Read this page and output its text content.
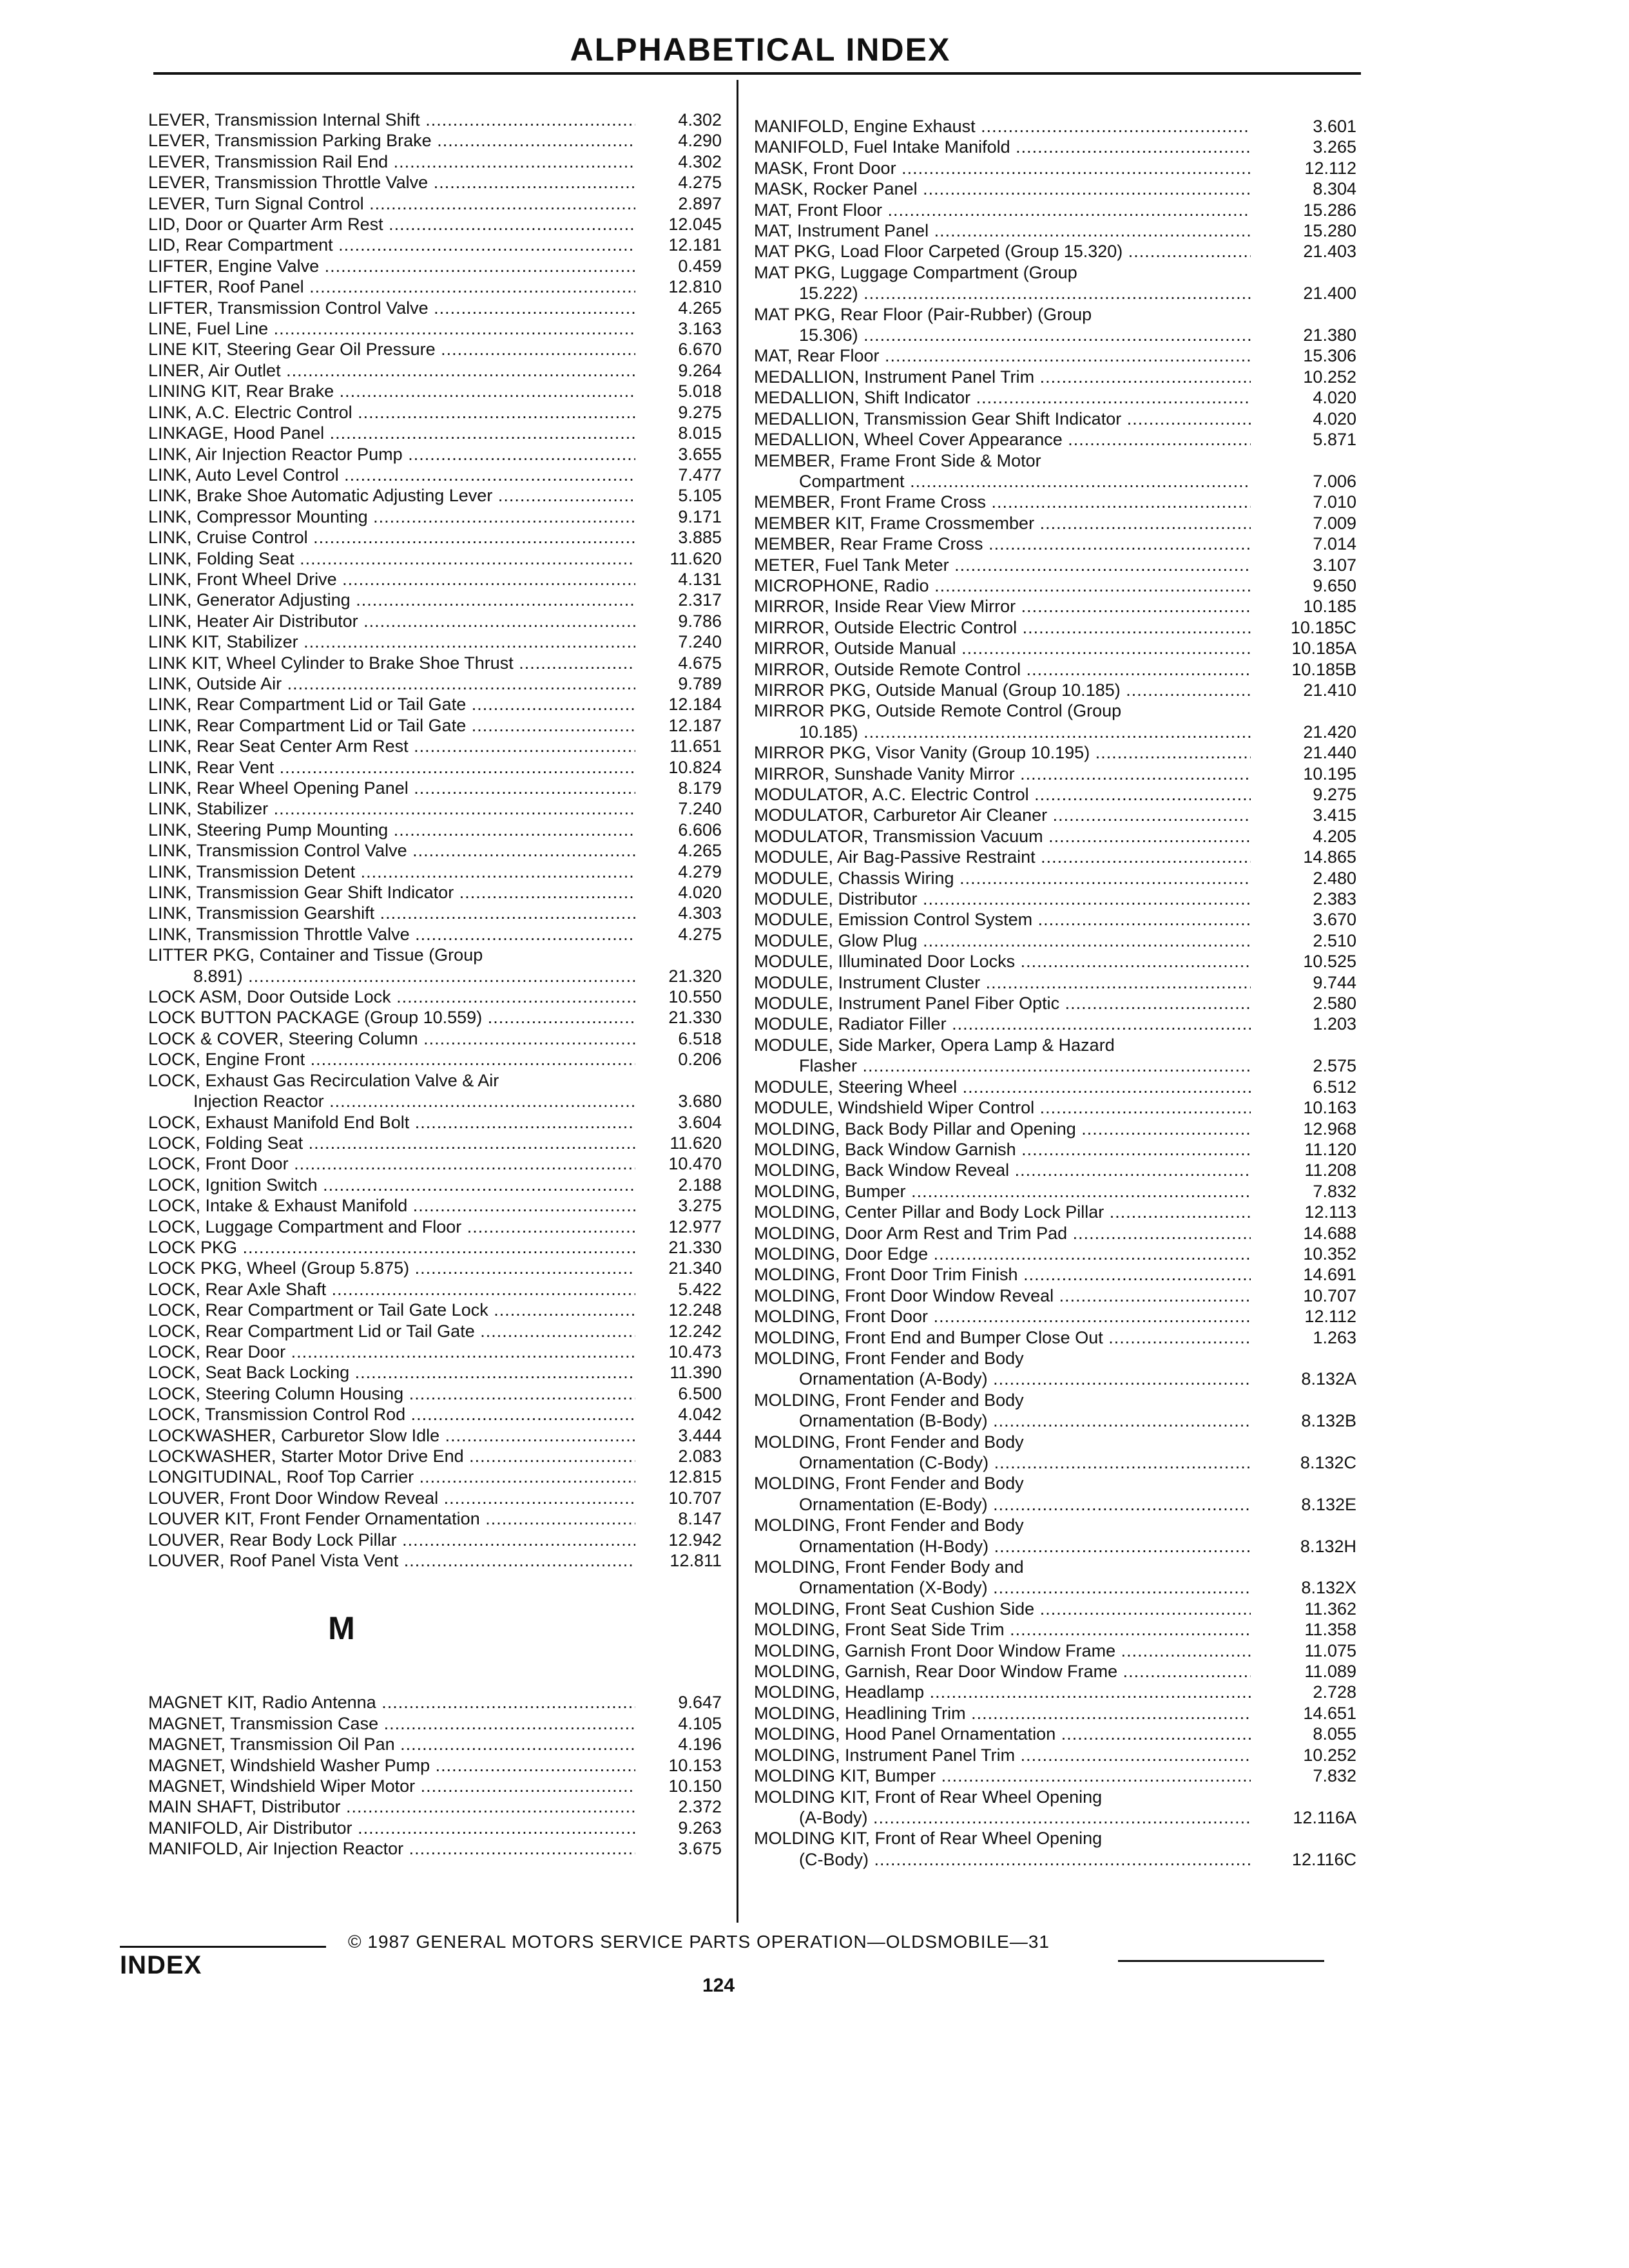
ALPHABETICAL INDEX
LEVER, Transmission Internal Shift .....	4.302
LEVER, Transmission Parking Brake .....	4.290
LEVER, Transmission Rail End .....	4.302
LEVER, Transmission Throttle Valve .....	4.275
LEVER, Turn Signal Control .....	2.897
LID, Door or Quarter Arm Rest .....	12.045
LID, Rear Compartment .....	12.181
LIFTER, Engine Valve .....	0.459
LIFTER, Roof Panel .....	12.810
LIFTER, Transmission Control Valve .....	4.265
LINE, Fuel Line .....	3.163
LINE KIT, Steering Gear Oil Pressure .....	6.670
LINER, Air Outlet .....	9.264
LINING KIT, Rear Brake .....	5.018
LINK, A.C. Electric Control .....	9.275
LINKAGE, Hood Panel .....	8.015
LINK, Air Injection Reactor Pump .....	3.655
LINK, Auto Level Control .....	7.477
LINK, Brake Shoe Automatic Adjusting Lever .....	5.105
LINK, Compressor Mounting .....	9.171
LINK, Cruise Control .....	3.885
LINK, Folding Seat .....	11.620
LINK, Front Wheel Drive .....	4.131
LINK, Generator Adjusting .....	2.317
LINK, Heater Air Distributor .....	9.786
LINK KIT, Stabilizer .....	7.240
LINK KIT, Wheel Cylinder to Brake Shoe Thrust .....	4.675
LINK, Outside Air .....	9.789
LINK, Rear Compartment Lid or Tail Gate .....	12.184
LINK, Rear Compartment Lid or Tail Gate .....	12.187
LINK, Rear Seat Center Arm Rest .....	11.651
LINK, Rear Vent .....	10.824
LINK, Rear Wheel Opening Panel .....	8.179
LINK, Stabilizer .....	7.240
LINK, Steering Pump Mounting .....	6.606
LINK, Transmission Control Valve .....	4.265
LINK, Transmission Detent .....	4.279
LINK, Transmission Gear Shift Indicator .....	4.020
LINK, Transmission Gearshift .....	4.303
LINK, Transmission Throttle Valve .....	4.275
LITTER PKG, Container and Tissue (Group
8.891) .....	21.320
LOCK ASM, Door Outside Lock .....	10.550
LOCK BUTTON PACKAGE (Group 10.559) .....	21.330
LOCK & COVER, Steering Column .....	6.518
LOCK, Engine Front .....	0.206
LOCK, Exhaust Gas Recirculation Valve & Air
Injection Reactor .....	3.680
LOCK, Exhaust Manifold End Bolt .....	3.604
LOCK, Folding Seat .....	11.620
LOCK, Front Door .....	10.470
LOCK, Ignition Switch .....	2.188
LOCK, Intake & Exhaust Manifold .....	3.275
LOCK, Luggage Compartment and Floor .....	12.977
LOCK PKG .....	21.330
LOCK PKG, Wheel (Group 5.875) .....	21.340
LOCK, Rear Axle Shaft .....	5.422
LOCK, Rear Compartment or Tail Gate Lock .....	12.248
LOCK, Rear Compartment Lid or Tail Gate .....	12.242
LOCK, Rear Door .....	10.473
LOCK, Seat Back Locking .....	11.390
LOCK, Steering Column Housing .....	6.500
LOCK, Transmission Control Rod .....	4.042
LOCKWASHER, Carburetor Slow Idle .....	3.444
LOCKWASHER, Starter Motor Drive End .....	2.083
LONGITUDINAL, Roof Top Carrier .....	12.815
LOUVER, Front Door Window Reveal .....	10.707
LOUVER KIT, Front Fender Ornamentation .....	8.147
LOUVER, Rear Body Lock Pillar .....	12.942
LOUVER, Roof Panel Vista Vent .....	12.811
M
MAGNET KIT, Radio Antenna .....	9.647
MAGNET, Transmission Case .....	4.105
MAGNET, Transmission Oil Pan .....	4.196
MAGNET, Windshield Washer Pump .....	10.153
MAGNET, Windshield Wiper Motor .....	10.150
MAIN SHAFT, Distributor .....	2.372
MANIFOLD, Air Distributor .....	9.263
MANIFOLD, Air Injection Reactor .....	3.675
MANIFOLD, Engine Exhaust .....	3.601
MANIFOLD, Fuel Intake Manifold .....	3.265
MASK, Front Door .....	12.112
MASK, Rocker Panel .....	8.304
MAT, Front Floor .....	15.286
MAT, Instrument Panel .....	15.280
MAT PKG, Load Floor Carpeted (Group 15.320) .....	21.403
MAT PKG, Luggage Compartment (Group
15.222) .....	21.400
MAT PKG, Rear Floor (Pair-Rubber) (Group
15.306) .....	21.380
MAT, Rear Floor .....	15.306
MEDALLION, Instrument Panel Trim .....	10.252
MEDALLION, Shift Indicator .....	4.020
MEDALLION, Transmission Gear Shift Indicator .....	4.020
MEDALLION, Wheel Cover Appearance .....	5.871
MEMBER, Frame Front Side & Motor
Compartment .....	7.006
MEMBER, Front Frame Cross .....	7.010
MEMBER KIT, Frame Crossmember .....	7.009
MEMBER, Rear Frame Cross .....	7.014
METER, Fuel Tank Meter .....	3.107
MICROPHONE, Radio .....	9.650
MIRROR, Inside Rear View Mirror .....	10.185
MIRROR, Outside Electric Control .....	10.185C
MIRROR, Outside Manual .....	10.185A
MIRROR, Outside Remote Control .....	10.185B
MIRROR PKG, Outside Manual (Group 10.185) .....	21.410
MIRROR PKG, Outside Remote Control (Group
10.185) .....	21.420
MIRROR PKG, Visor Vanity (Group 10.195) .....	21.440
MIRROR, Sunshade Vanity Mirror .....	10.195
MODULATOR, A.C. Electric Control .....	9.275
MODULATOR, Carburetor Air Cleaner .....	3.415
MODULATOR, Transmission Vacuum .....	4.205
MODULE, Air Bag-Passive Restraint .....	14.865
MODULE, Chassis Wiring .....	2.480
MODULE, Distributor .....	2.383
MODULE, Emission Control System .....	3.670
MODULE, Glow Plug .....	2.510
MODULE, Illuminated Door Locks .....	10.525
MODULE, Instrument Cluster .....	9.744
MODULE, Instrument Panel Fiber Optic .....	2.580
MODULE, Radiator Filler .....	1.203
MODULE, Side Marker, Opera Lamp & Hazard
Flasher .....	2.575
MODULE, Steering Wheel .....	6.512
MODULE, Windshield Wiper Control .....	10.163
MOLDING, Back Body Pillar and Opening .....	12.968
MOLDING, Back Window Garnish .....	11.120
MOLDING, Back Window Reveal .....	11.208
MOLDING, Bumper .....	7.832
MOLDING, Center Pillar and Body Lock Pillar .....	12.113
MOLDING, Door Arm Rest and Trim Pad .....	14.688
MOLDING, Door Edge .....	10.352
MOLDING, Front Door Trim Finish .....	14.691
MOLDING, Front Door Window Reveal .....	10.707
MOLDING, Front Door .....	12.112
MOLDING, Front End and Bumper Close Out .....	1.263
MOLDING, Front Fender and Body
Ornamentation (A-Body) .....	8.132A
MOLDING, Front Fender and Body
Ornamentation (B-Body) .....	8.132B
MOLDING, Front Fender and Body
Ornamentation (C-Body) .....	8.132C
MOLDING, Front Fender and Body
Ornamentation (E-Body) .....	8.132E
MOLDING, Front Fender and Body
Ornamentation (H-Body) .....	8.132H
MOLDING, Front Fender Body and
Ornamentation (X-Body) .....	8.132X
MOLDING, Front Seat Cushion Side .....	11.362
MOLDING, Front Seat Side Trim .....	11.358
MOLDING, Garnish Front Door Window Frame .....	11.075
MOLDING, Garnish, Rear Door Window Frame .....	11.089
MOLDING, Headlamp .....	2.728
MOLDING, Headlining Trim .....	14.651
MOLDING, Hood Panel Ornamentation .....	8.055
MOLDING, Instrument Panel Trim .....	10.252
MOLDING KIT, Bumper .....	7.832
MOLDING KIT, Front of Rear Wheel Opening
(A-Body) .....	12.116A
MOLDING KIT, Front of Rear Wheel Opening
(C-Body) .....	12.116C
© 1987 GENERAL MOTORS SERVICE PARTS OPERATION—OLDSMOBILE—31
INDEX
124
